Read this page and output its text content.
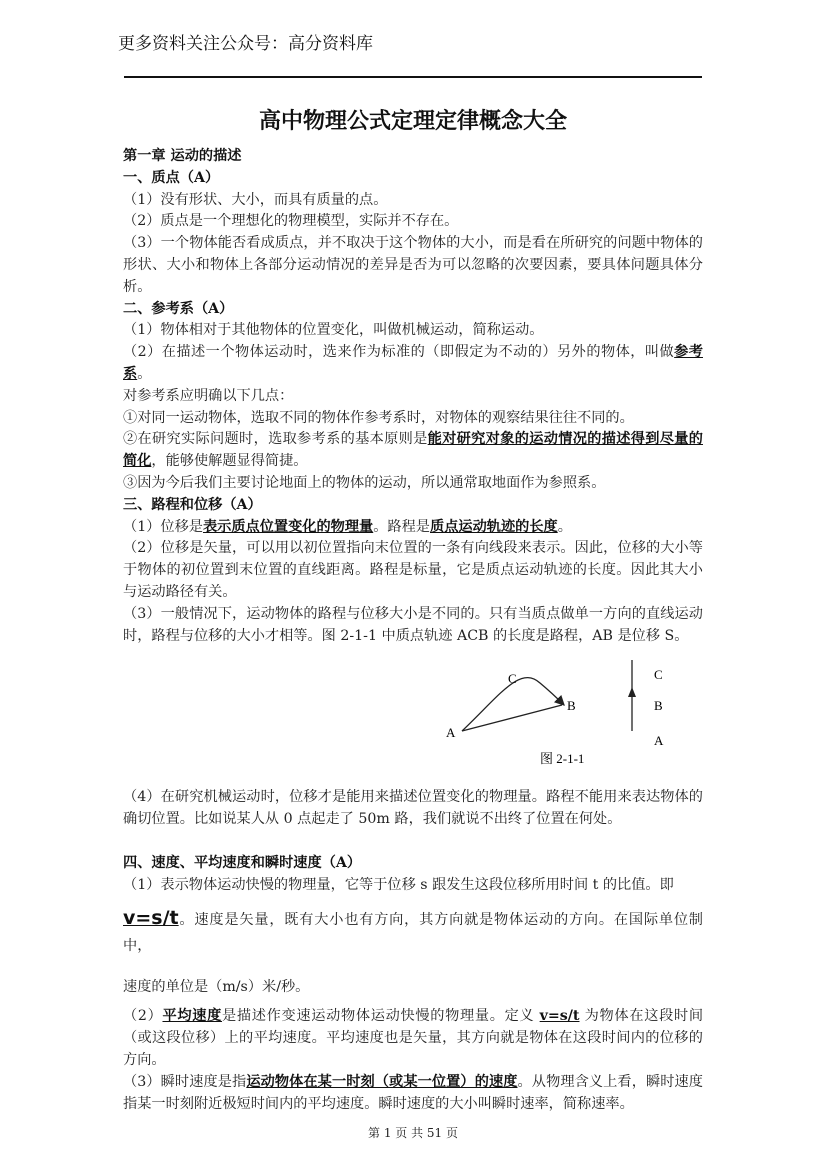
更多资料关注公众号：高分资料库
高中物理公式定理定律概念大全

第一章 运动的描述

一、质点（A）

（1）没有形状、大小，而具有质量的点。

（2）质点是一个理想化的物理模型，实际并不存在。

（3）一个物体能否看成质点，并不取决于这个物体的大小，而是看在所研究的问题中物体的形状、大小和物体上各部分运动情况的差异是否为可以忽略的次要因素，要具体问题具体分析。

二、参考系（A）

（1）物体相对于其他物体的位置变化，叫做机械运动，简称运动。

（2）在描述一个物体运动时，选来作为标准的（即假定为不动的）另外的物体，叫做参考系。

对参考系应明确以下几点：

①对同一运动物体，选取不同的物体作参考系时，对物体的观察结果往往不同的。

②在研究实际问题时，选取参考系的基本原则是能对研究对象的运动情况的描述得到尽量的简化，能够使解题显得简捷。

③因为今后我们主要讨论地面上的物体的运动，所以通常取地面作为参照系。

三、路程和位移（A）

（1）位移是表示质点位置变化的物理量。路程是质点运动轨迹的长度。

（2）位移是矢量，可以用以初位置指向末位置的一条有向线段来表示。因此，位移的大小等于物体的初位置到末位置的直线距离。路程是标量，它是质点运动轨迹的长度。因此其大小与运动路径有关。

（3）一般情况下，运动物体的路程与位移大小是不同的。只有当质点做单一方向的直线运动时，路程与位移的大小才相等。图 2-1-1 中质点轨迹 ACB 的长度是路程，AB 是位移 S。

A
C
B
C
B
A
图 2-1-1

（4）在研究机械运动时，位移才是能用来描述位置变化的物理量。路程不能用来表达物体的确切位置。比如说某人从 0 点起走了 50m 路，我们就说不出终了位置在何处。

四、速度、平均速度和瞬时速度（A）

（1）表示物体运动快慢的物理量，它等于位移 s 跟发生这段位移所用时间 t 的比值。即

v=s/t。速度是矢量，既有大小也有方向，其方向就是物体运动的方向。在国际单位制中，

速度的单位是（m/s）米/秒。

（2）平均速度是描述作变速运动物体运动快慢的物理量。定义 v=s/t 为物体在这段时间（或这段位移）上的平均速度。平均速度也是矢量，其方向就是物体在这段时间内的位移的方向。

（3）瞬时速度是指运动物体在某一时刻（或某一位置）的速度。从物理含义上看，瞬时速度指某一时刻附近极短时间内的平均速度。瞬时速度的大小叫瞬时速率，简称速率。

第 1 页 共 51 页
